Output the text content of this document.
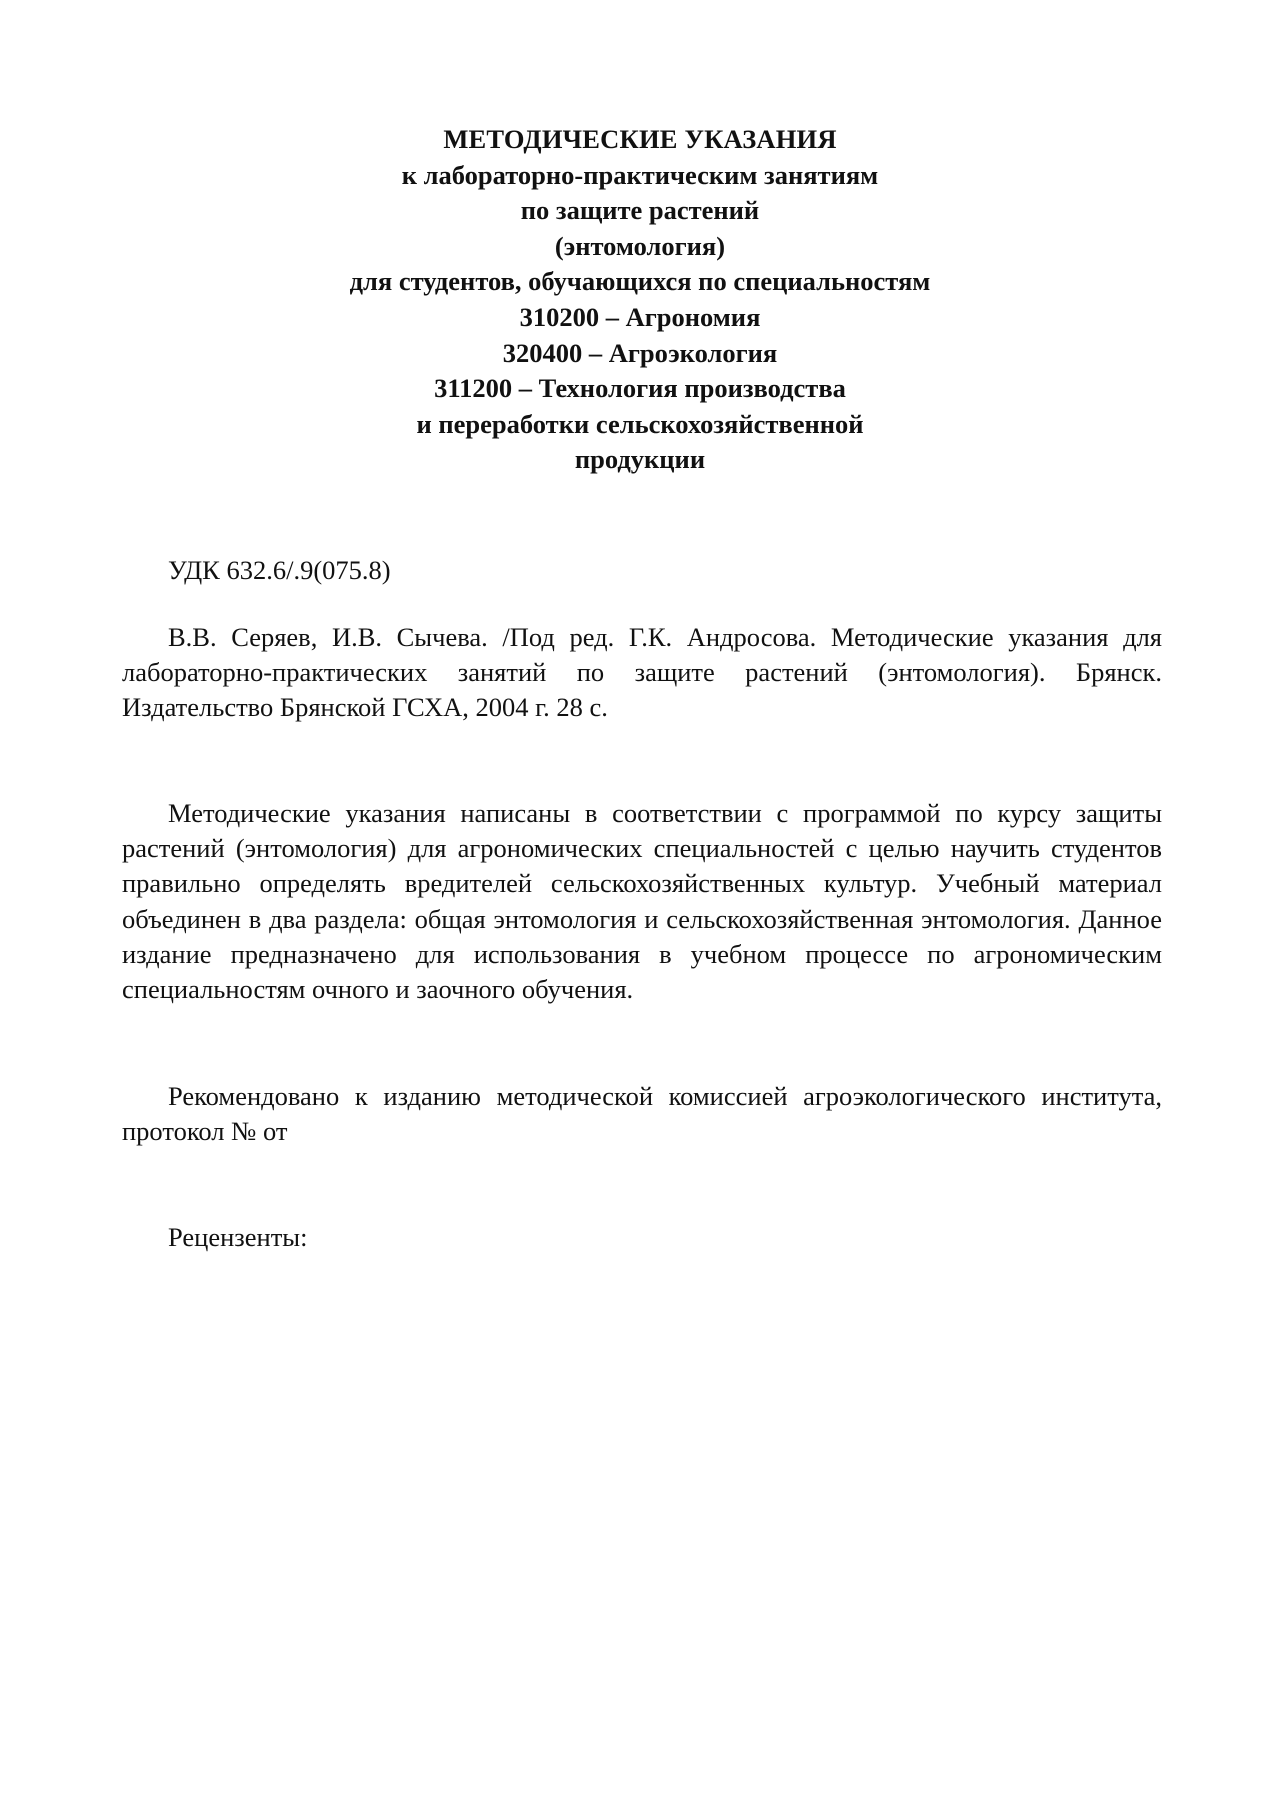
МЕТОДИЧЕСКИЕ УКАЗАНИЯ
к лабораторно-практическим занятиям
по защите растений
(энтомология)
для студентов, обучающихся по специальностям
310200 – Агрономия
320400 – Агроэкология
311200 – Технология производства
и переработки сельскохозяйственной
продукции
УДК 632.6/.9(075.8)
В.В. Серяев, И.В. Сычева. /Под ред. Г.К. Андросова. Методические указания для лабораторно-практических занятий по защите растений (энтомология). Брянск. Издательство Брянской ГСХА, 2004 г. 28 с.
Методические указания написаны в соответствии с программой по курсу защиты растений (энтомология) для агрономических специальностей с целью научить студентов правильно определять вредителей сельскохозяйственных культур. Учебный материал объединен в два раздела: общая энтомология и сельскохозяйственная энтомология. Данное издание предназначено для использования в учебном процессе по агрономическим специальностям очного и заочного обучения.
Рекомендовано к изданию методической комиссией агроэкологического института, протокол № от
Рецензенты:
